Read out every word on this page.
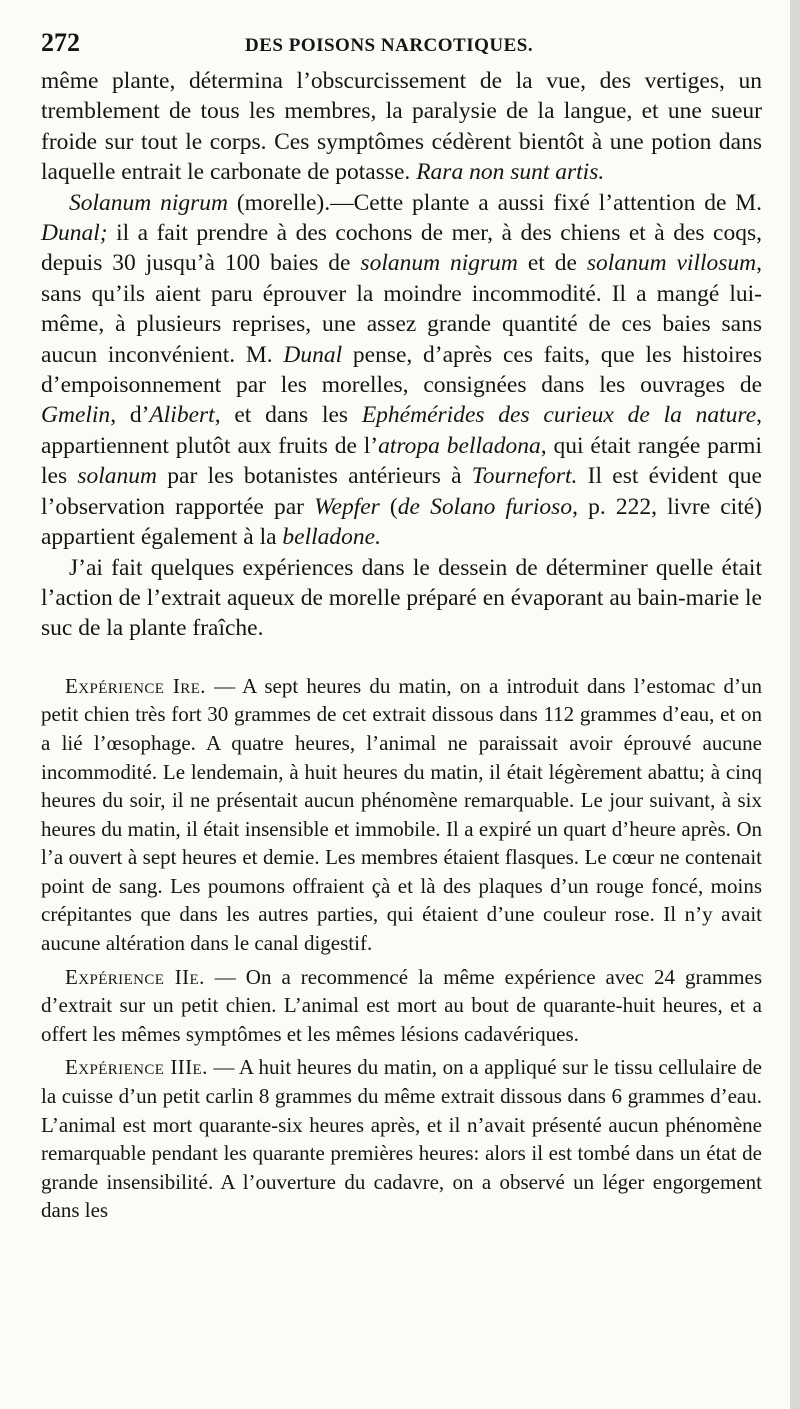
272	DES POISONS NARCOTIQUES.

même plante, détermina l’obscurcissement de la vue, des vertiges, un tremblement de tous les membres, la paralysie de la langue, et une sueur froide sur tout le corps. Ces symptômes cédèrent bientôt à une potion dans laquelle entrait le carbonate de potasse. Rara non sunt artis.

Solanum nigrum (morelle).—Cette plante a aussi fixé l’attention de M. Dunal; il a fait prendre à des cochons de mer, à des chiens et à des coqs, depuis 30 jusqu’à 100 baies de solanum nigrum et de solanum villosum, sans qu’ils aient paru éprouver la moindre incommodité. Il a mangé lui-même, à plusieurs reprises, une assez grande quantité de ces baies sans aucun inconvénient. M. Dunal pense, d’après ces faits, que les histoires d’empoisonnement par les morelles, consignées dans les ouvrages de Gmelin, d’Alibert, et dans les Ephémérides des curieux de la nature, appartiennent plutôt aux fruits de l’atropa belladona, qui était rangée parmi les solanum par les botanistes antérieurs à Tournefort. Il est évident que l’observation rapportée par Wepfer (de Solano furioso, p. 222, livre cité) appartient également à la belladone.

J’ai fait quelques expériences dans le dessein de déterminer quelle était l’action de l’extrait aqueux de morelle préparé en évaporant au bain-marie le suc de la plante fraîche.

Expérience Ire. — A sept heures du matin, on a introduit dans l’estomac d’un petit chien très fort 30 grammes de cet extrait dissous dans 112 grammes d’eau, et on a lié l’œsophage. A quatre heures, l’animal ne paraissait avoir éprouvé aucune incommodité. Le lendemain, à huit heures du matin, il était légèrement abattu; à cinq heures du soir, il ne présentait aucun phénomène remarquable. Le jour suivant, à six heures du matin, il était insensible et immobile. Il a expiré un quart d’heure après. On l’a ouvert à sept heures et demie. Les membres étaient flasques. Le cœur ne contenait point de sang. Les poumons offraient çà et là des plaques d’un rouge foncé, moins crépitantes que dans les autres parties, qui étaient d’une couleur rose. Il n’y avait aucune altération dans le canal digestif.

Expérience IIe. — On a recommencé la même expérience avec 24 grammes d’extrait sur un petit chien. L’animal est mort au bout de quarante-huit heures, et a offert les mêmes symptômes et les mêmes lésions cadavériques.

Expérience IIIe. — A huit heures du matin, on a appliqué sur le tissu cellulaire de la cuisse d’un petit carlin 8 grammes du même extrait dissous dans 6 grammes d’eau. L’animal est mort quarante-six heures après, et il n’avait présenté aucun phénomène remarquable pendant les quarante premières heures: alors il est tombé dans un état de grande insensibilité. A l’ouverture du cadavre, on a observé un léger engorgement dans les
